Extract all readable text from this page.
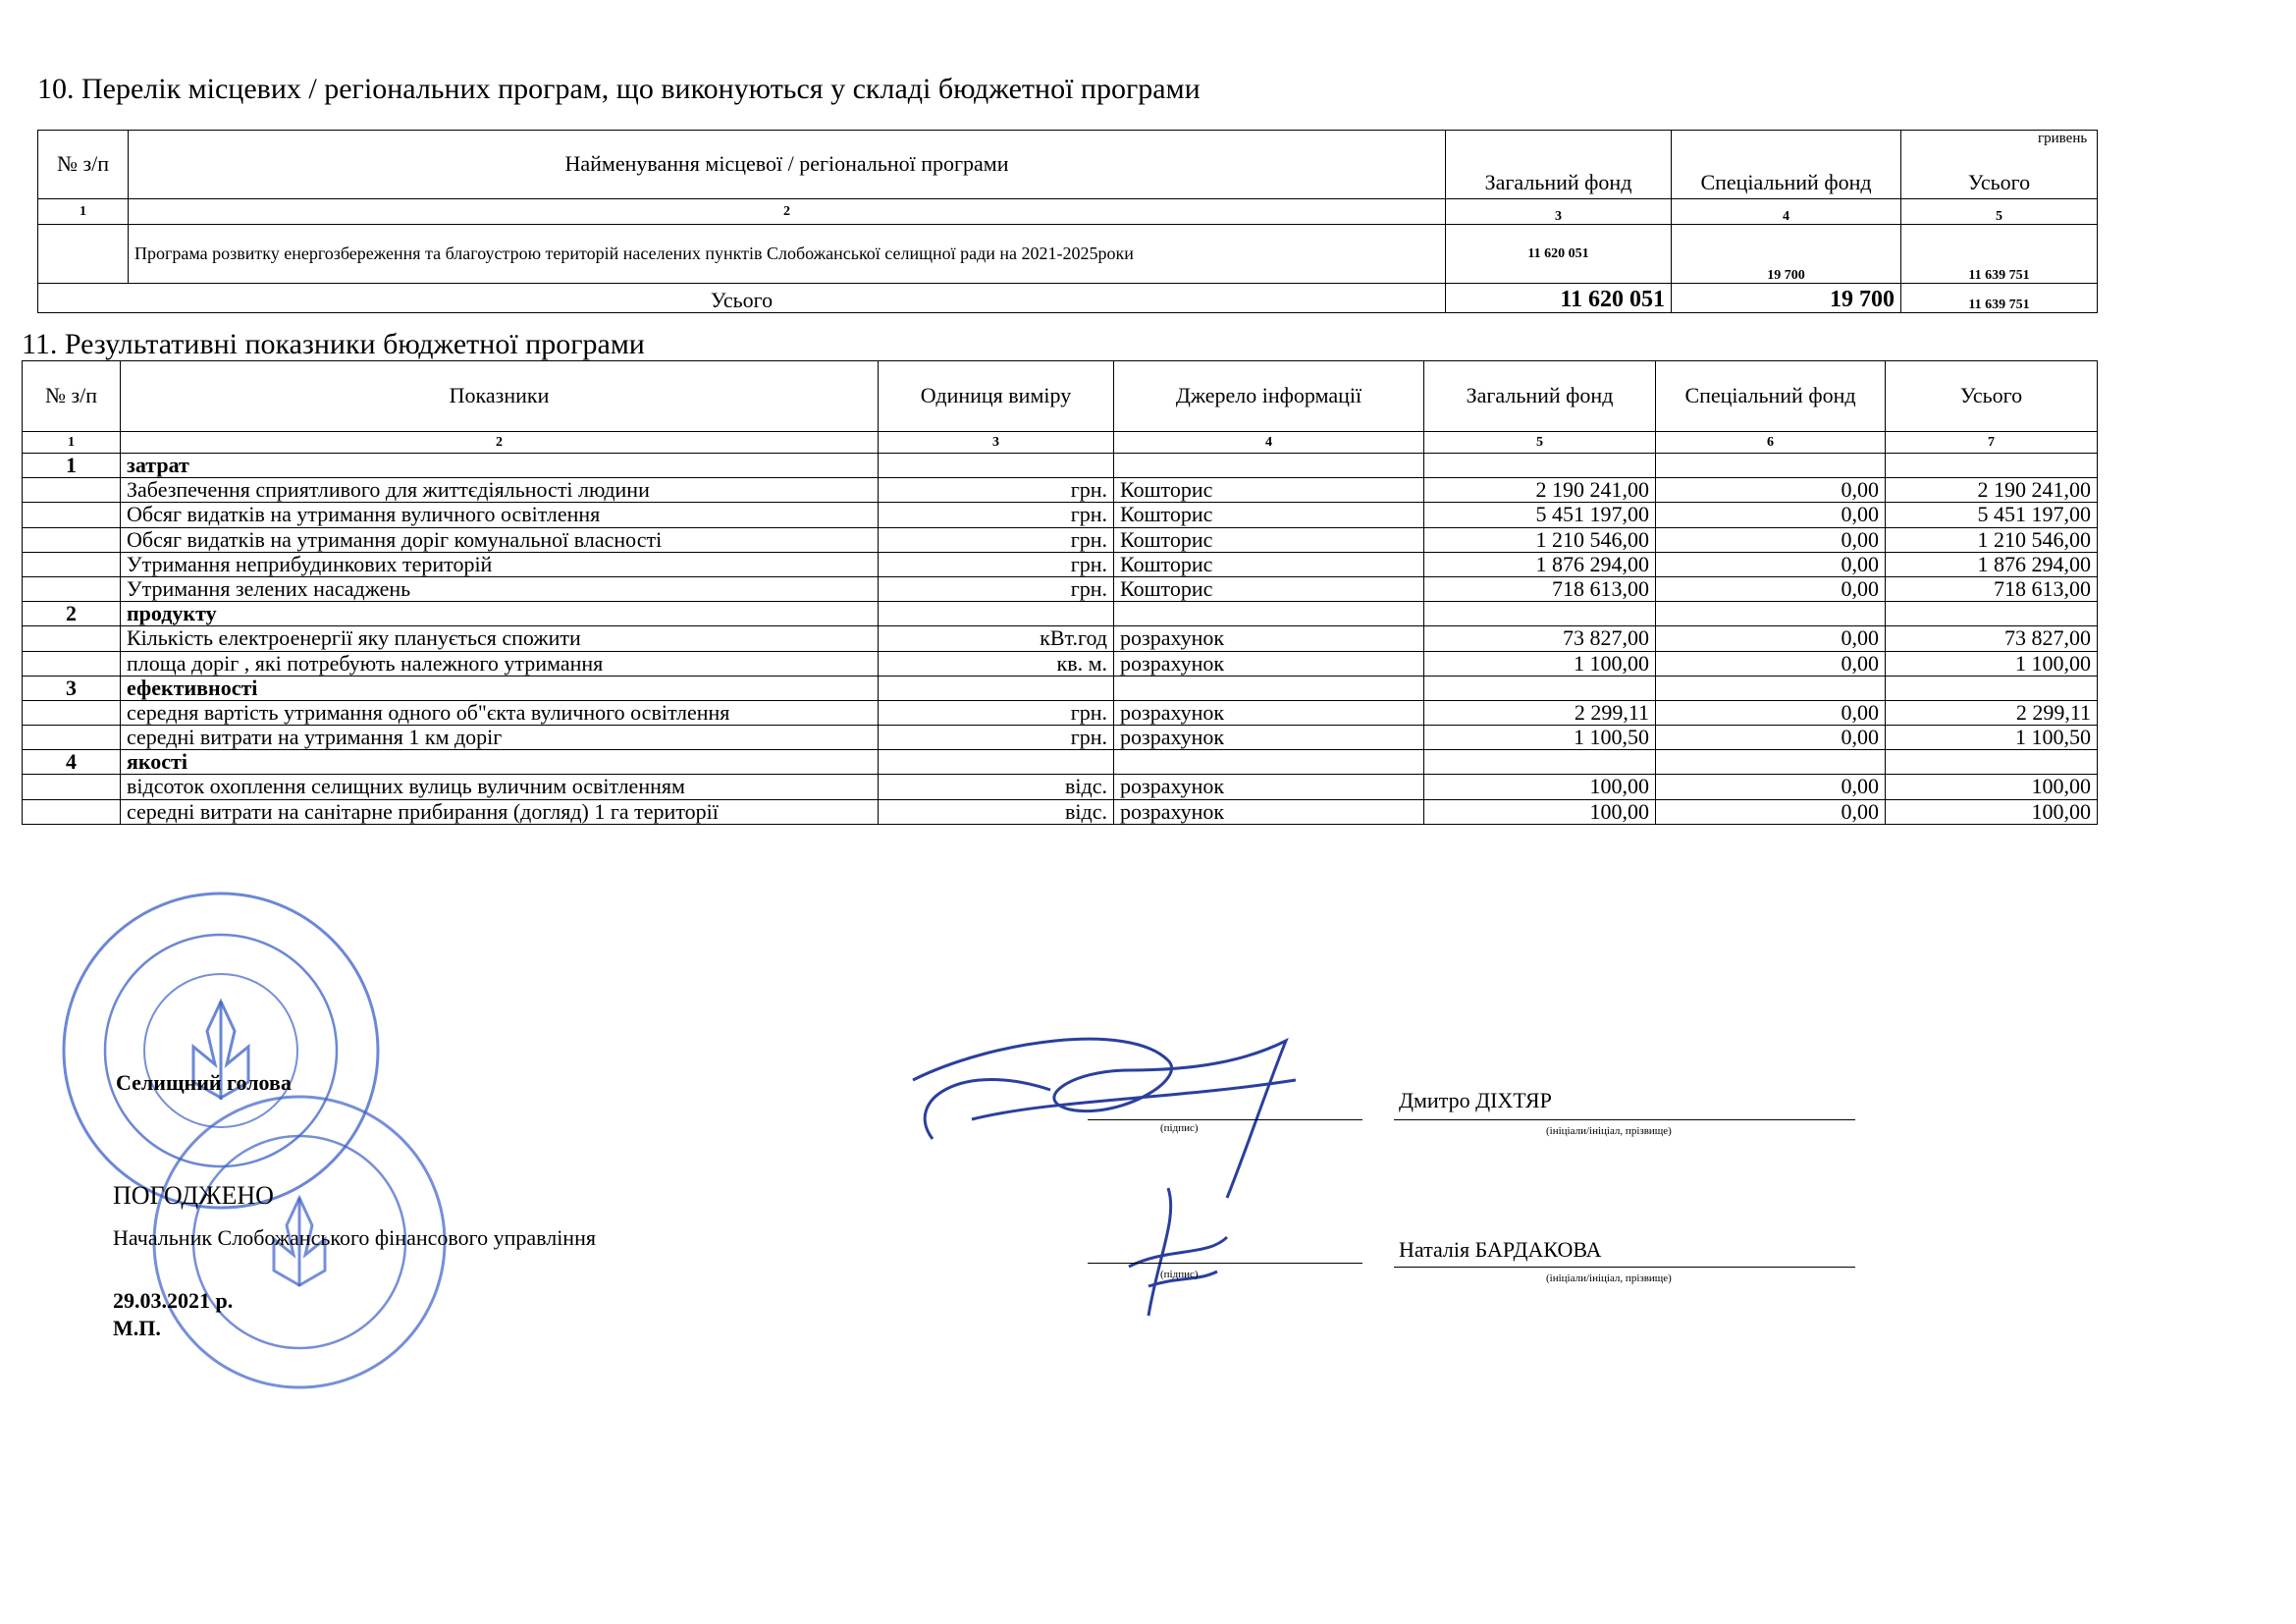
10. Перелік місцевих / регіональних програм, що виконуються у складі бюджетної програми
гривень
№ з/п	Найменування місцевої / регіональної програми	Загальний фонд	Спеціальний фонд	Усього
1	2	3	4	5
	Програма розвитку енергозбереження та благоустрою територій населених пунктів Слобожанської селищної ради на 2021-2025роки	11 620 051	19 700	11 639 751
Усього		11 620 051	19 700	11 639 751
11. Результативні показники бюджетної програми
№ з/п	Показники	Одиниця виміру	Джерело інформації	Загальний фонд	Спеціальний фонд	Усього
1	2	3	4	5	6	7
1	затрат					
	Забезпечення сприятливого для життєдіяльності людини	грн.	Кошторис	2 190 241,00	0,00	2 190 241,00
	Обсяг видатків на утримання вуличного освітлення	грн.	Кошторис	5 451 197,00	0,00	5 451 197,00
	Обсяг видатків на утримання доріг комунальної власності	грн.	Кошторис	1 210 546,00	0,00	1 210 546,00
	Утримання неприбудинкових територій	грн.	Кошторис	1 876 294,00	0,00	1 876 294,00
	Утримання зелених насаджень	грн.	Кошторис	718 613,00	0,00	718 613,00
2	продукту					
	Кількість електроенергії яку планується спожити	кВт.год	розрахунок	73 827,00	0,00	73 827,00
	площа доріг , які потребують належного утримання	кв. м.	розрахунок	1 100,00	0,00	1 100,00
3	ефективності					
	середня вартість утримання одного об"єкта вуличного освітлення	грн.	розрахунок	2 299,11	0,00	2 299,11
	середні витрати на утримання 1 км доріг	грн.	розрахунок	1 100,50	0,00	1 100,50
4	якості					
	відсоток охоплення селищних вулиць вуличним освітленням	відс.	розрахунок	100,00	0,00	100,00
	середні витрати на санітарне прибирання (догляд) 1 га території	відс.	розрахунок	100,00	0,00	100,00
Селищний голова
(підпис)
Дмитро ДІХТЯР
(ініціали/ініціал, прізвище)
ПОГОДЖЕНО
Начальник Слобожанського фінансового управління
(підпис)
Наталія БАРДАКОВА
(ініціали/ініціал, прізвище)
29.03.2021 р.
М.П.
